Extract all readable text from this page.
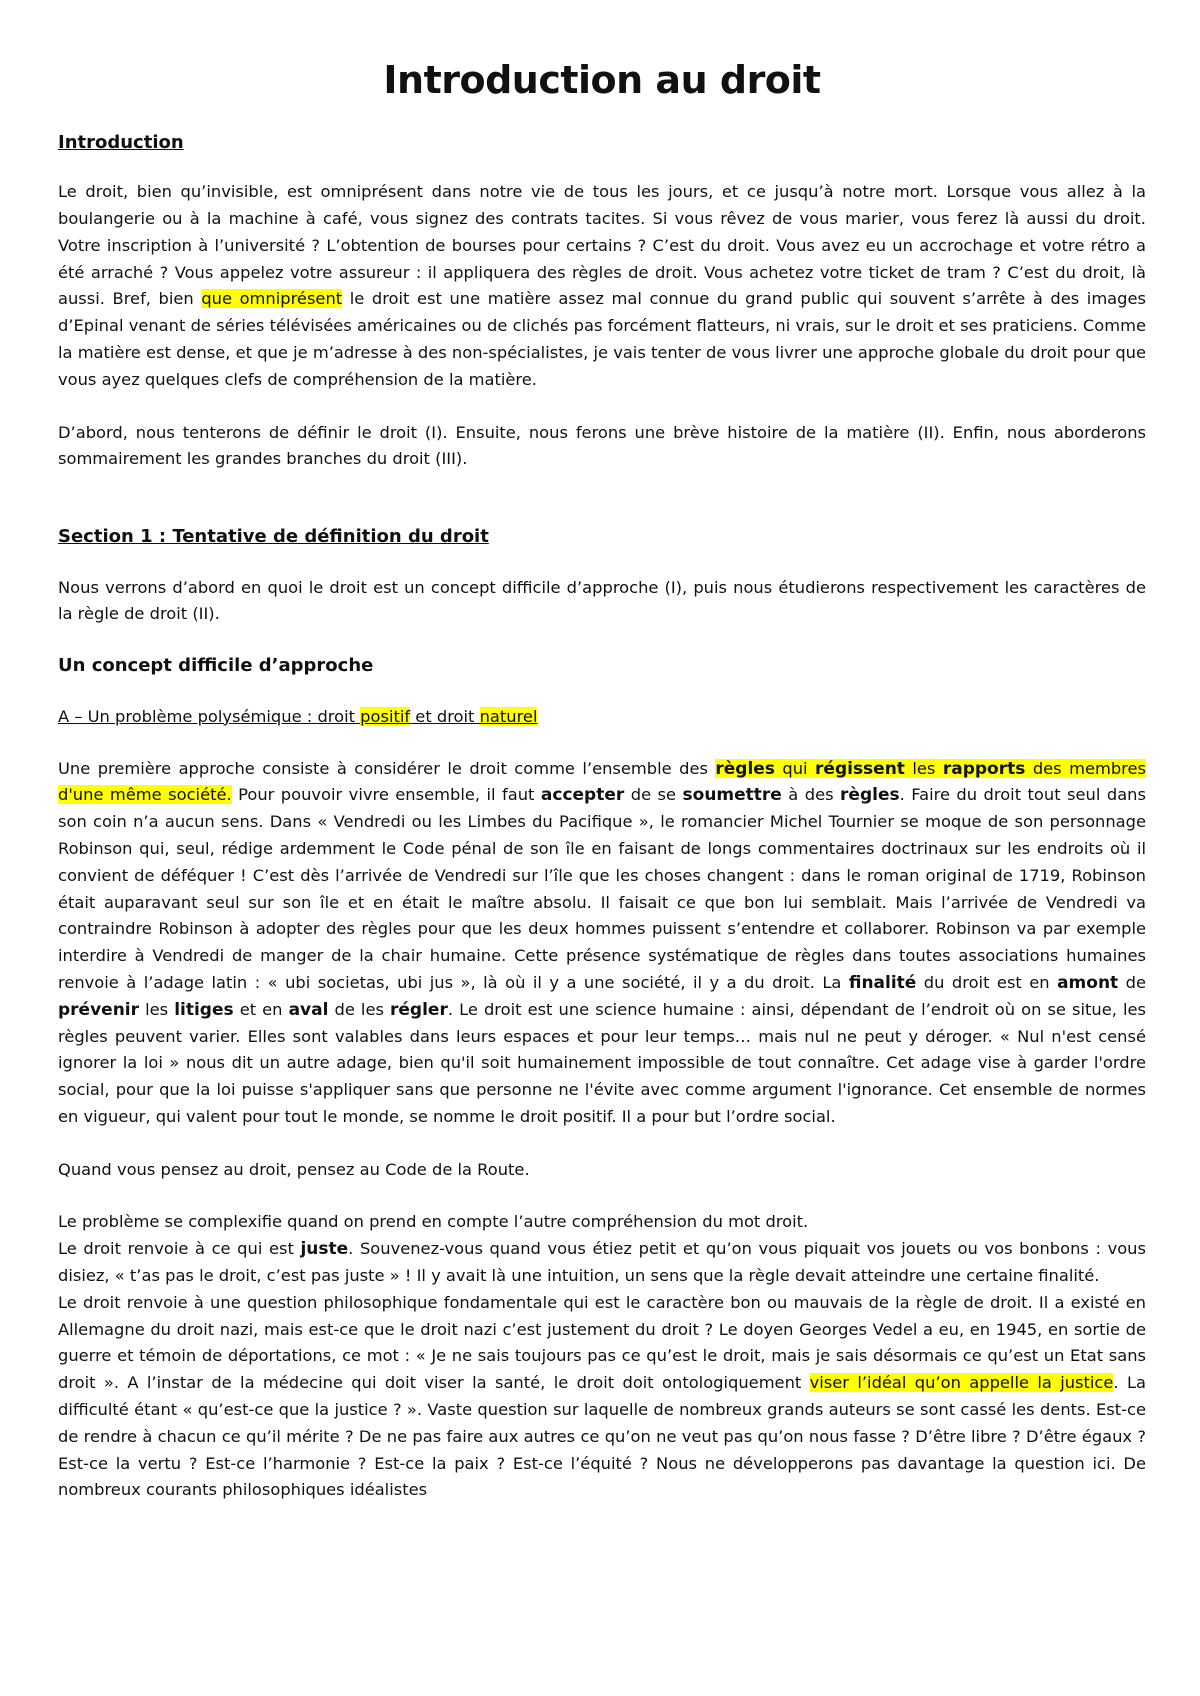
Introduction au droit
Introduction

Le droit, bien qu’invisible, est omniprésent dans notre vie de tous les jours, et ce jusqu’à notre mort. Lorsque vous allez à la boulangerie ou à la machine à café, vous signez des contrats tacites. Si vous rêvez de vous marier, vous ferez là aussi du droit. Votre inscription à l’université ? L’obtention de bourses pour certains ? C’est du droit. Vous avez eu un accrochage et votre rétro a été arraché ? Vous appelez votre assureur : il appliquera des règles de droit. Vous achetez votre ticket de tram ? C’est du droit, là aussi. Bref, bien que omniprésent le droit est une matière assez mal connue du grand public qui souvent s’arrête à des images d’Epinal venant de séries télévisées américaines ou de clichés pas forcément flatteurs, ni vrais, sur le droit et ses praticiens. Comme la matière est dense, et que je m’adresse à des non-spécialistes, je vais tenter de vous livrer une approche globale du droit pour que vous ayez quelques clefs de compréhension de la matière.

D’abord, nous tenterons de définir le droit (I). Ensuite, nous ferons une brève histoire de la matière (II). Enfin, nous aborderons sommairement les grandes branches du droit (III).

Section 1 : Tentative de définition du droit

Nous verrons d’abord en quoi le droit est un concept difficile d’approche (I), puis nous étudierons respectivement les caractères de la règle de droit (II).

Un concept difficile d’approche
A – Un problème polysémique : droit positif et droit naturel

Une première approche consiste à considérer le droit comme l’ensemble des règles qui régissent les rapports des membres d'une même société. Pour pouvoir vivre ensemble, il faut accepter de se soumettre à des règles. Faire du droit tout seul dans son coin n’a aucun sens. Dans « Vendredi ou les Limbes du Pacifique », le romancier Michel Tournier se moque de son personnage Robinson qui, seul, rédige ardemment le Code pénal de son île en faisant de longs commentaires doctrinaux sur les endroits où il convient de déféquer ! C’est dès l’arrivée de Vendredi sur l’île que les choses changent : dans le roman original de 1719, Robinson était auparavant seul sur son île et en était le maître absolu. Il faisait ce que bon lui semblait. Mais l’arrivée de Vendredi va contraindre Robinson à adopter des règles pour que les deux hommes puissent s’entendre et collaborer. Robinson va par exemple interdire à Vendredi de manger de la chair humaine. Cette présence systématique de règles dans toutes associations humaines renvoie à l’adage latin : « ubi societas, ubi jus », là où il y a une société, il y a du droit. La finalité du droit est en amont de prévenir les litiges et en aval de les régler. Le droit est une science humaine : ainsi, dépendant de l’endroit où on se situe, les règles peuvent varier. Elles sont valables dans leurs espaces et pour leur temps… mais nul ne peut y déroger. « Nul n'est censé ignorer la loi » nous dit un autre adage, bien qu'il soit humainement impossible de tout connaître. Cet adage vise à garder l'ordre social, pour que la loi puisse s'appliquer sans que personne ne l'évite avec comme argument l'ignorance. Cet ensemble de normes en vigueur, qui valent pour tout le monde, se nomme le droit positif. Il a pour but l’ordre social.

Quand vous pensez au droit, pensez au Code de la Route.

Le problème se complexifie quand on prend en compte l’autre compréhension du mot droit.

Le droit renvoie à ce qui est juste. Souvenez-vous quand vous étiez petit et qu’on vous piquait vos jouets ou vos bonbons : vous disiez, « t’as pas le droit, c’est pas juste » ! Il y avait là une intuition, un sens que la règle devait atteindre une certaine finalité.

Le droit renvoie à une question philosophique fondamentale qui est le caractère bon ou mauvais de la règle de droit. Il a existé en Allemagne du droit nazi, mais est-ce que le droit nazi c’est justement du droit ? Le doyen Georges Vedel a eu, en 1945, en sortie de guerre et témoin de déportations, ce mot : « Je ne sais toujours pas ce qu’est le droit, mais je sais désormais ce qu’est un Etat sans droit ». A l’instar de la médecine qui doit viser la santé, le droit doit ontologiquement viser l’idéal qu’on appelle la justice. La difficulté étant « qu’est-ce que la justice ? ». Vaste question sur laquelle de nombreux grands auteurs se sont cassé les dents. Est-ce de rendre à chacun ce qu’il mérite ? De ne pas faire aux autres ce qu’on ne veut pas qu’on nous fasse ? D’être libre ? D’être égaux ? Est-ce la vertu ? Est-ce l’harmonie ? Est-ce la paix ? Est-ce l’équité ? Nous ne développerons pas davantage la question ici. De nombreux courants philosophiques idéalistes
